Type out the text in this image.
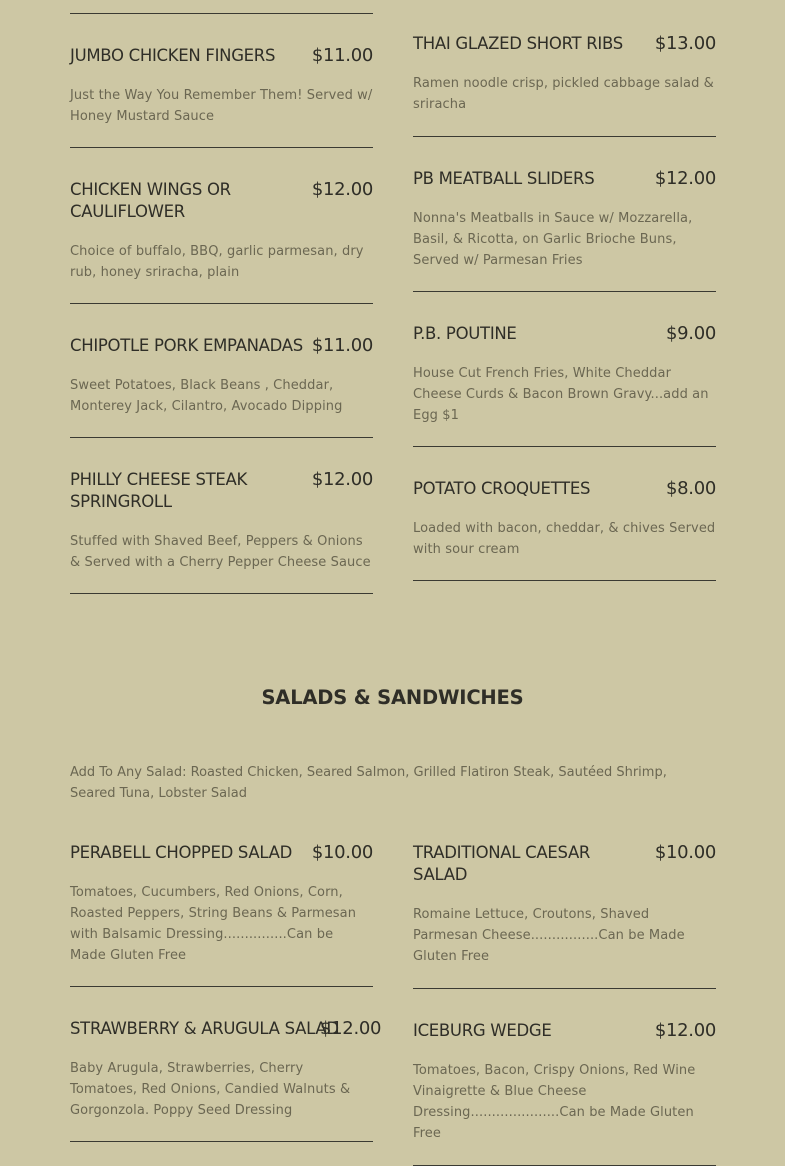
JUMBO CHICKEN FINGERS $11.00

Just the Way You Remember Them! Served w/ Honey Mustard Sauce

CHICKEN WINGS OR CAULIFLOWER
$12.00

Choice of buffalo, BBQ, garlic parmesan, dry rub, honey sriracha, plain

CHIPOTLE PORK EMPANADAS $11.00

Sweet Potatoes, Black Beans , Cheddar, Monterey Jack, Cilantro, Avocado Dipping

PHILLY CHEESE STEAK SPRINGROLL
$12.00

Stuffed with Shaved Beef, Peppers & Onions & Served with a Cherry Pepper Cheese Sauce

THAI GLAZED SHORT RIBS $13.00

Ramen noodle crisp, pickled cabbage salad & sriracha

PB MEATBALL SLIDERS	$12.00

Nonna's Meatballs in Sauce w/ Mozzarella, Basil, & Ricotta, on Garlic Brioche Buns, Served w/ Parmesan Fries

P.B. POUTINE	$9.00

House Cut French Fries, White Cheddar Cheese Curds & Bacon Brown Gravy...add an Egg $1

POTATO CROQUETTES	$8.00

Loaded with bacon, cheddar, & chives Served with sour cream

SALADS & SANDWICHES

Add To Any Salad: Roasted Chicken, Seared Salmon, Grilled Flatiron Steak, Sautéed Shrimp, Seared Tuna, Lobster Salad

PERABELL CHOPPED SALAD $10.00

Tomatoes, Cucumbers, Red Onions, Corn, Roasted Peppers, String Beans & Parmesan with Balsamic Dressing...............Can be Made Gluten Free

STRAWBERRY & ARUGULA SALAD
$12.00

Baby Arugula, Strawberries, Cherry Tomatoes, Red Onions, Candied Walnuts & Gorgonzola. Poppy Seed Dressing

TRADITIONAL CAESAR SALAD
$10.00

Romaine Lettuce, Croutons, Shaved Parmesan Cheese................Can be Made Gluten Free

ICEBURG WEDGE	$12.00

Tomatoes, Bacon, Crispy Onions, Red Wine Vinaigrette & Blue Cheese Dressing.....................Can be Made Gluten Free
